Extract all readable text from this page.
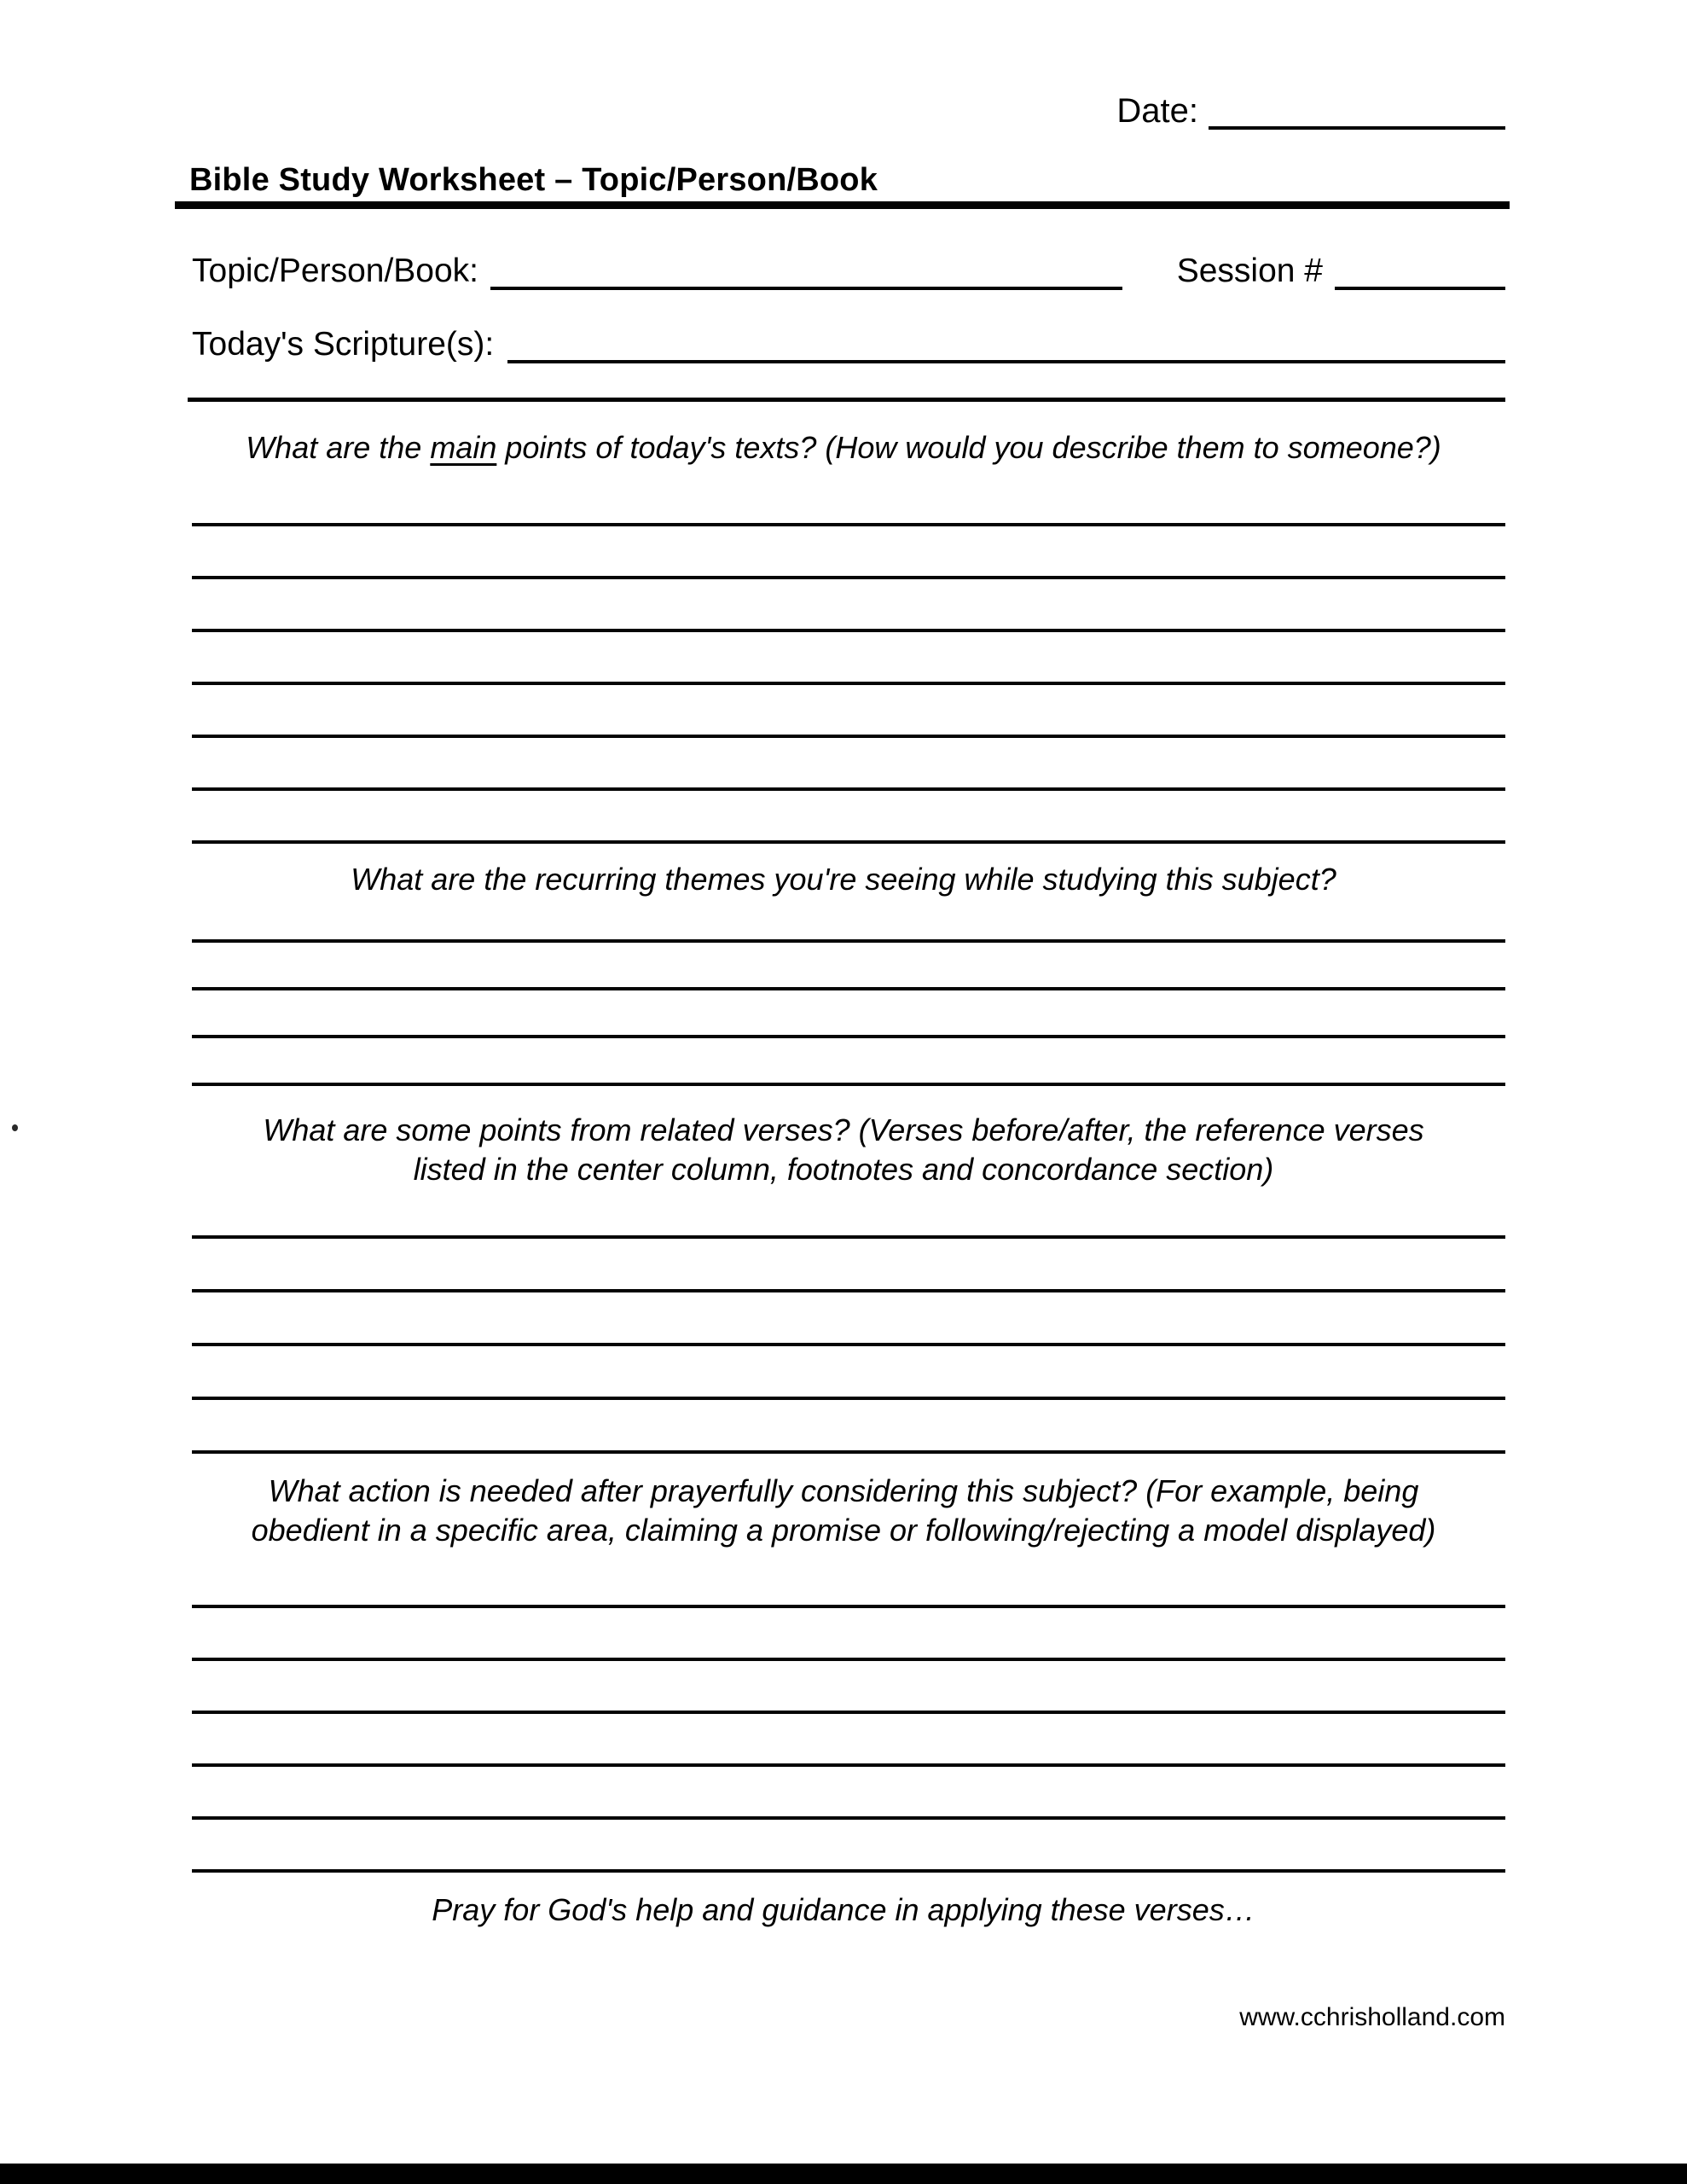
Date:
Bible Study Worksheet – Topic/Person/Book
Topic/Person/Book:	Session #
Today's Scripture(s):
What are the main points of today's texts? (How would you describe them to someone?)
What are the recurring themes you're seeing while studying this subject?
What are some points from related verses? (Verses before/after, the reference verses
listed in the center column, footnotes and concordance section)
What action is needed after prayerfully considering this subject? (For example, being
obedient in a specific area, claiming a promise or following/rejecting a model displayed)
Pray for God's help and guidance in applying these verses…
www.cchrisholland.com
